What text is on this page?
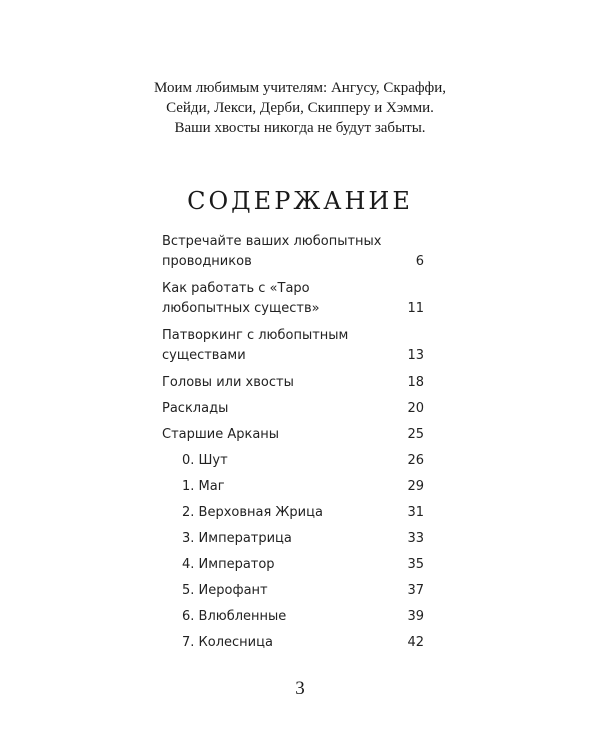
Моим любимым учителям: Ангусу, Скраффи,
Сейди, Лекси, Дерби, Скипперу и Хэмми.
Ваши хвосты никогда не будут забыты.
СОДЕРЖАНИЕ
Встречайте ваших любопытных проводников	6
Как работать с «Таро любопытных существ»	11
Патворкинг с любопытным существами	13
Головы или хвосты	18
Расклады	20
Старшие Арканы	25
0. Шут	26
1. Маг	29
2. Верховная Жрица	31
3. Императрица	33
4. Император	35
5. Иерофант	37
6. Влюбленные	39
7. Колесница	42
3
